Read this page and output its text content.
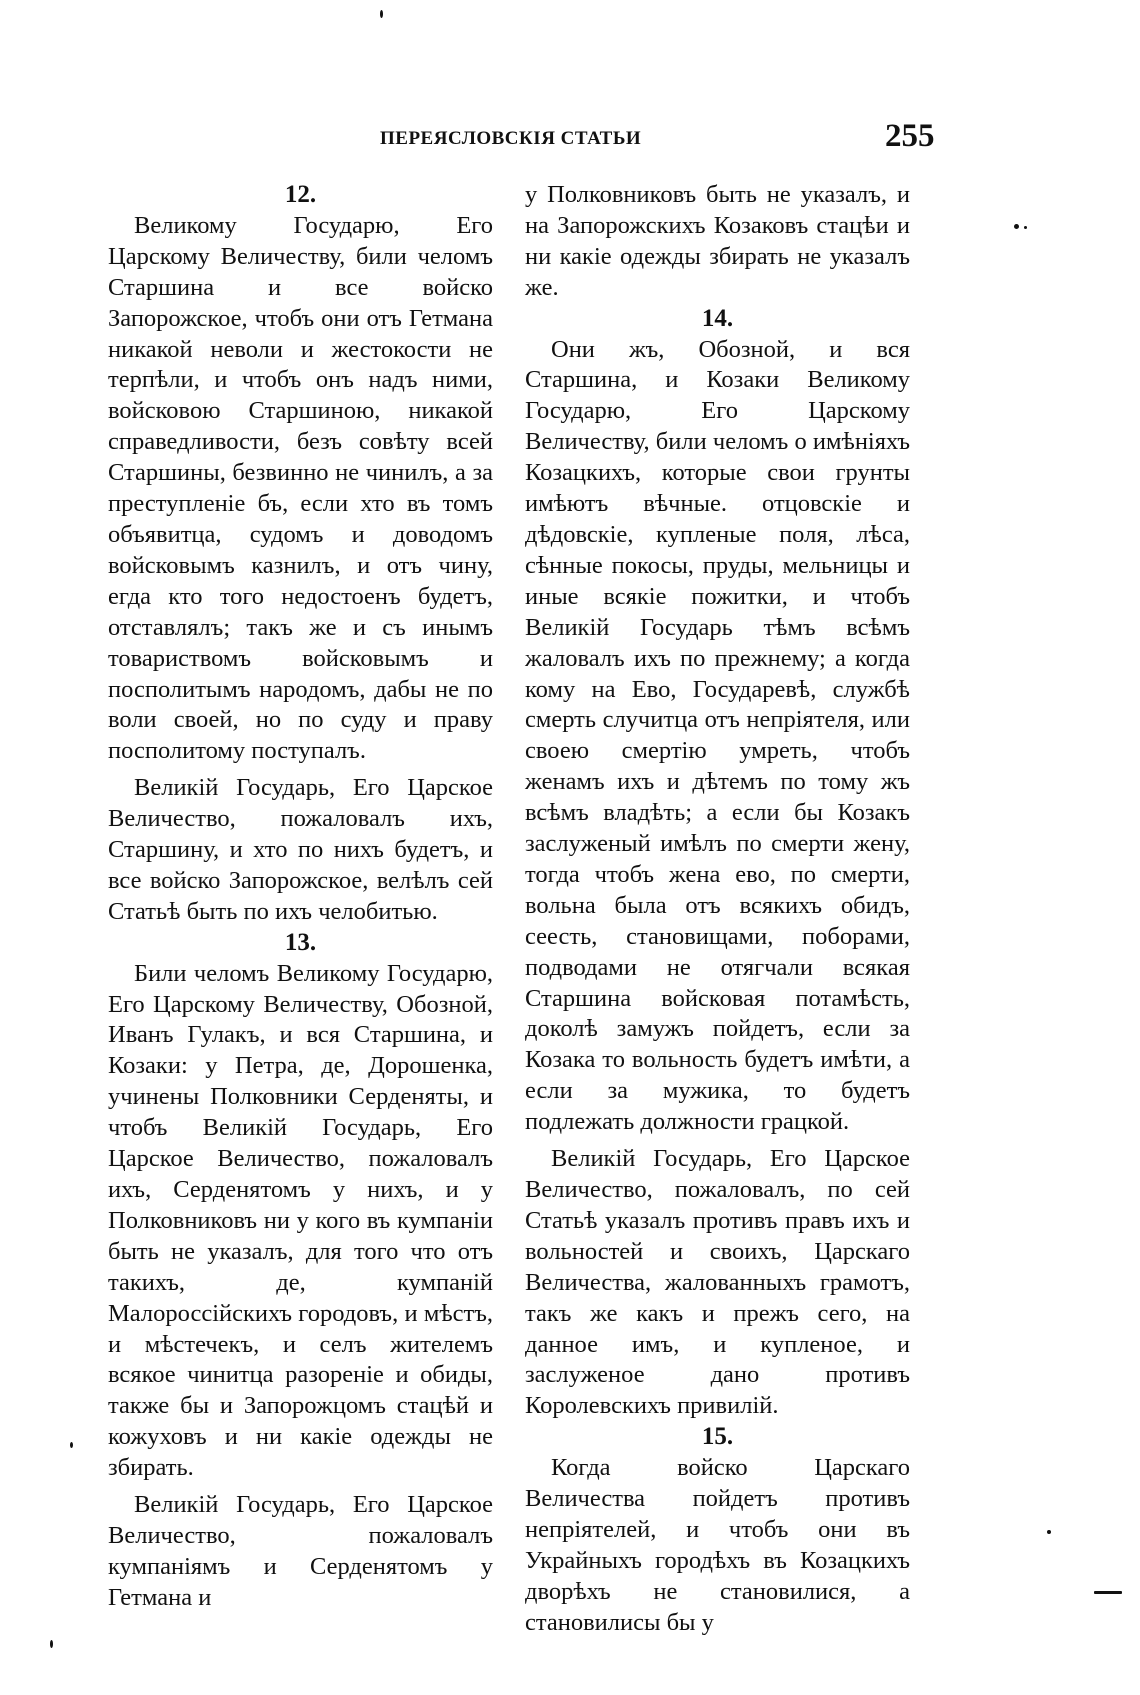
ПЕРЕЯСЛОВСКІЯ СТАТЬИ	255
12.

Великому Государю, Его Царскому Величеству, били челомъ Старшина и все войско Запорожское, чтобъ они отъ Гетмана никакой неволи и жестокости не терпѣли, и чтобъ онъ надъ ними, войсковою Старшиною, никакой справедливости, безъ совѣту всей Старшины, безвинно не чинилъ, а за преступленіе бъ, если хто въ томъ объявитца, судомъ и доводомъ войсковымъ казнилъ, и отъ чину, егда кто того недостоенъ будетъ, отставлялъ; такъ же и съ инымъ товариствомъ войсковымъ и посполитымъ народомъ, дабы не по воли своей, но по суду и праву посполитому поступалъ.

Великій Государь, Его Царское Величество, пожаловалъ ихъ, Старшину, и хто по нихъ будетъ, и все войско Запорожское, велѣлъ сей Статьѣ быть по ихъ челобитью.

13.

Били челомъ Великому Государю, Его Царскому Величеству, Обозной, Иванъ Гулакъ, и вся Старшина, и Козаки: у Петра, де, Дорошенка, учинены Полковники Серденяты, и чтобъ Великій Государь, Его Царское Величество, пожаловалъ ихъ, Серденятомъ у нихъ, и у Полковниковъ ни у кого въ кумпаніи быть не указалъ, для того что отъ такихъ, де, кумпаній Малороссійскихъ городовъ, и мѣстъ, и мѣстечекъ, и селъ жителемъ всякое чинитца разореніе и обиды, также бы и Запорожцомъ стацѣй и кожуховъ и ни какіе одежды не збирать.

Великій Государь, Его Царское Величество, пожаловалъ кумпаніямъ и Серденятомъ у Гетмана и

у Полковниковъ быть не указалъ, и на Запорожскихъ Козаковъ стацѣи и ни какіе одежды збирать не указалъ же.

14.

Они жъ, Обозной, и вся Старшина, и Козаки Великому Государю, Его Царскому Величеству, били челомъ о имѣніяхъ Козацкихъ, которые свои грунты имѣютъ вѣчные. отцовскіе и дѣдовскіе, купленые поля, лѣса, сѣнные покосы, пруды, мельницы и иные всякіе пожитки, и чтобъ Великій Государь тѣмъ всѣмъ жаловалъ ихъ по прежнему; а когда кому на Ево, Государевѣ, службѣ смерть случитца отъ непріятеля, или своею смертію умреть, чтобъ женамъ ихъ и дѣтемъ по тому жъ всѣмъ владѣть; а если бы Козакъ заслуженый имѣлъ по смерти жену, тогда чтобъ жена ево, по смерти, вольна была отъ всякихъ обидъ, сеесть, становищами, поборами, подводами не отягчали всякая Старшина войсковая потамѣсть, доколѣ замужъ пойдетъ, если за Козака то вольность будетъ имѣти, а если за мужика, то будетъ подлежать должности грацкой.

Великій Государь, Его Царское Величество, пожаловалъ, по сей Статьѣ указалъ противъ правъ ихъ и вольностей и своихъ, Царскаго Величества, жалованныхъ грамотъ, такъ же какъ и прежъ сего, на данное имъ, и купленое, и заслуженое дано противъ Королевскихъ привилій.

15.

Когда войско Царскаго Величества пойдетъ противъ непріятелей, и чтобъ они въ Украйныхъ городѣхъ въ Козацкихъ дворѣхъ не становилися, а становилисы бы у
